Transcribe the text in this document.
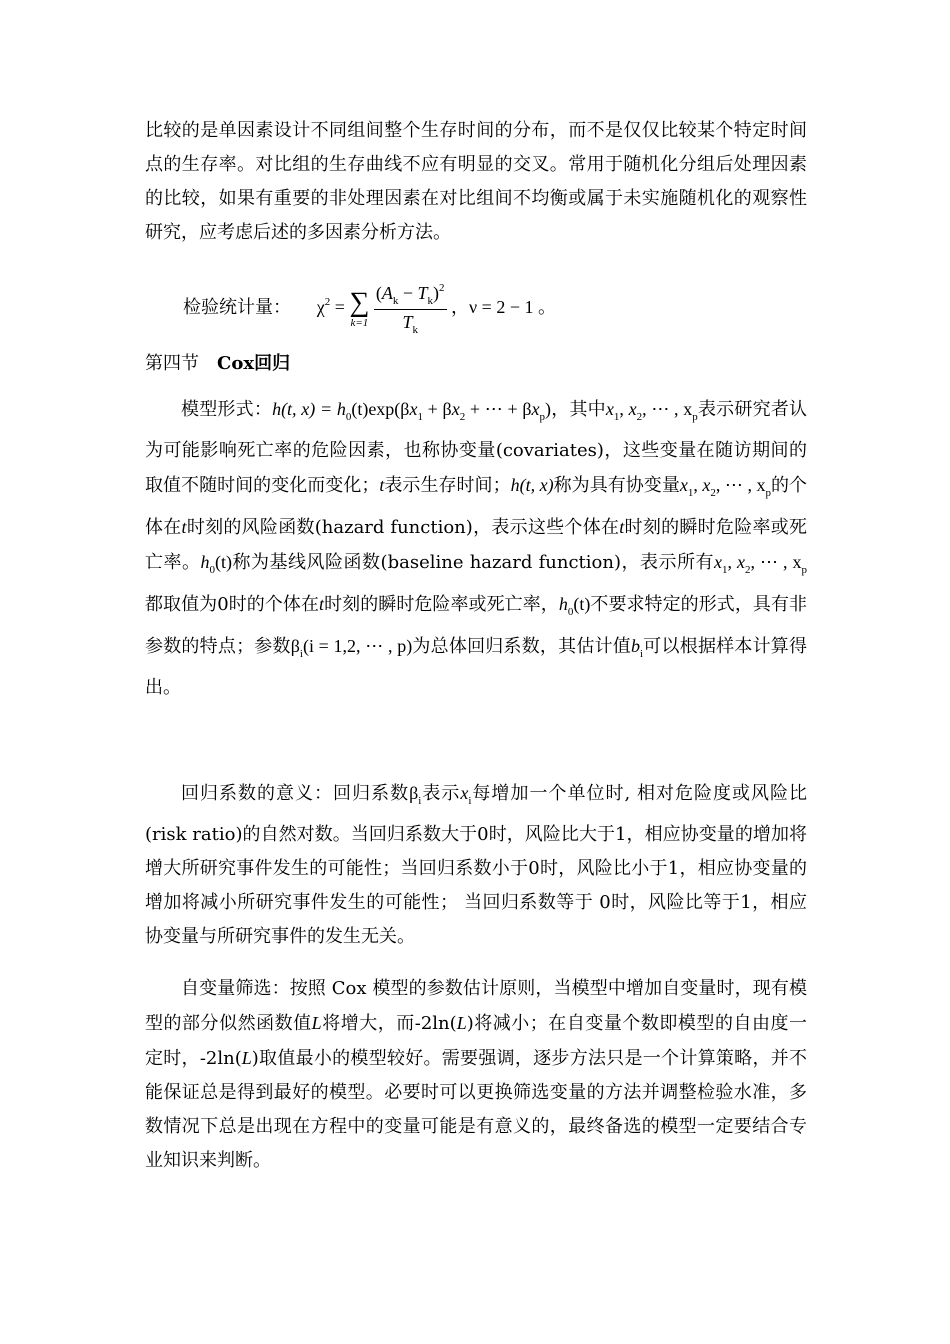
比较的是单因素设计不同组间整个生存时间的分布，而不是仅仅比较某个特定时间点的生存率。对比组的生存曲线不应有明显的交叉。常用于随机化分组后处理因素的比较，如果有重要的非处理因素在对比组间不均衡或属于未实施随机化的观察性研究，应考虑后述的多因素分析方法。
检验统计量： $\chi^2$ = ∑
k=1
$\frac{(A_k - T_k)^2}{T_k}$ ，ν = 2 − 1 。
第四节 Cox回归
模型形式：h(t, $x) = h_0(t)\exp(\beta x_1 + \beta x_2$ + ⋯ + $\beta x_p$)，其中$x_1$, $x_2$, ⋯ , $x_p$表示研究者认为可能影响死亡率的危险因素，也称协变量(covariates)，这些变量在随访期间的取值不随时间的变化而变化；t表示生存时间；h(t, x)称为具有协变量$x_1$, $x_2$, ⋯ , $x_p$的个体在t时刻的风险函数(hazard function)，表示这些个体在t时刻的瞬时危险率或死亡率。$h_0(t)$称为基线风险函数(baseline hazard function)，表示所有$x_1$, $x_2$, ⋯ , $x_p$都取值为0时的个体在t时刻的瞬时危险率或死亡率，$h_0(t)$不要求特定的形式，具有非参数的特点；参数$\beta_i(i = 1,2$, ⋯ , p)为总体回归系数，其估计值$b_i$可以根据样本计算得出。
回归系数的意义：回归系数$\beta_i$表示$x_i$每增加一个单位时, 相对危险度或风险比(risk ratio)的自然对数。当回归系数大于0时，风险比大于1，相应协变量的增加将增大所研究事件发生的可能性；当回归系数小于0时，风险比小于1，相应协变量的增加将减小所研究事件发生的可能性； 当回归系数等于 0时，风险比等于1，相应协变量与所研究事件的发生无关。
自变量筛选：按照 Cox 模型的参数估计原则，当模型中增加自变量时，现有模型的部分似然函数值L将增大，而-2ln(L)将减小；在自变量个数即模型的自由度一定时，-2ln(L)取值最小的模型较好。需要强调，逐步方法只是一个计算策略，并不能保证总是得到最好的模型。必要时可以更换筛选变量的方法并调整检验水准，多数情况下总是出现在方程中的变量可能是有意义的，最终备选的模型一定要结合专业知识来判断。
